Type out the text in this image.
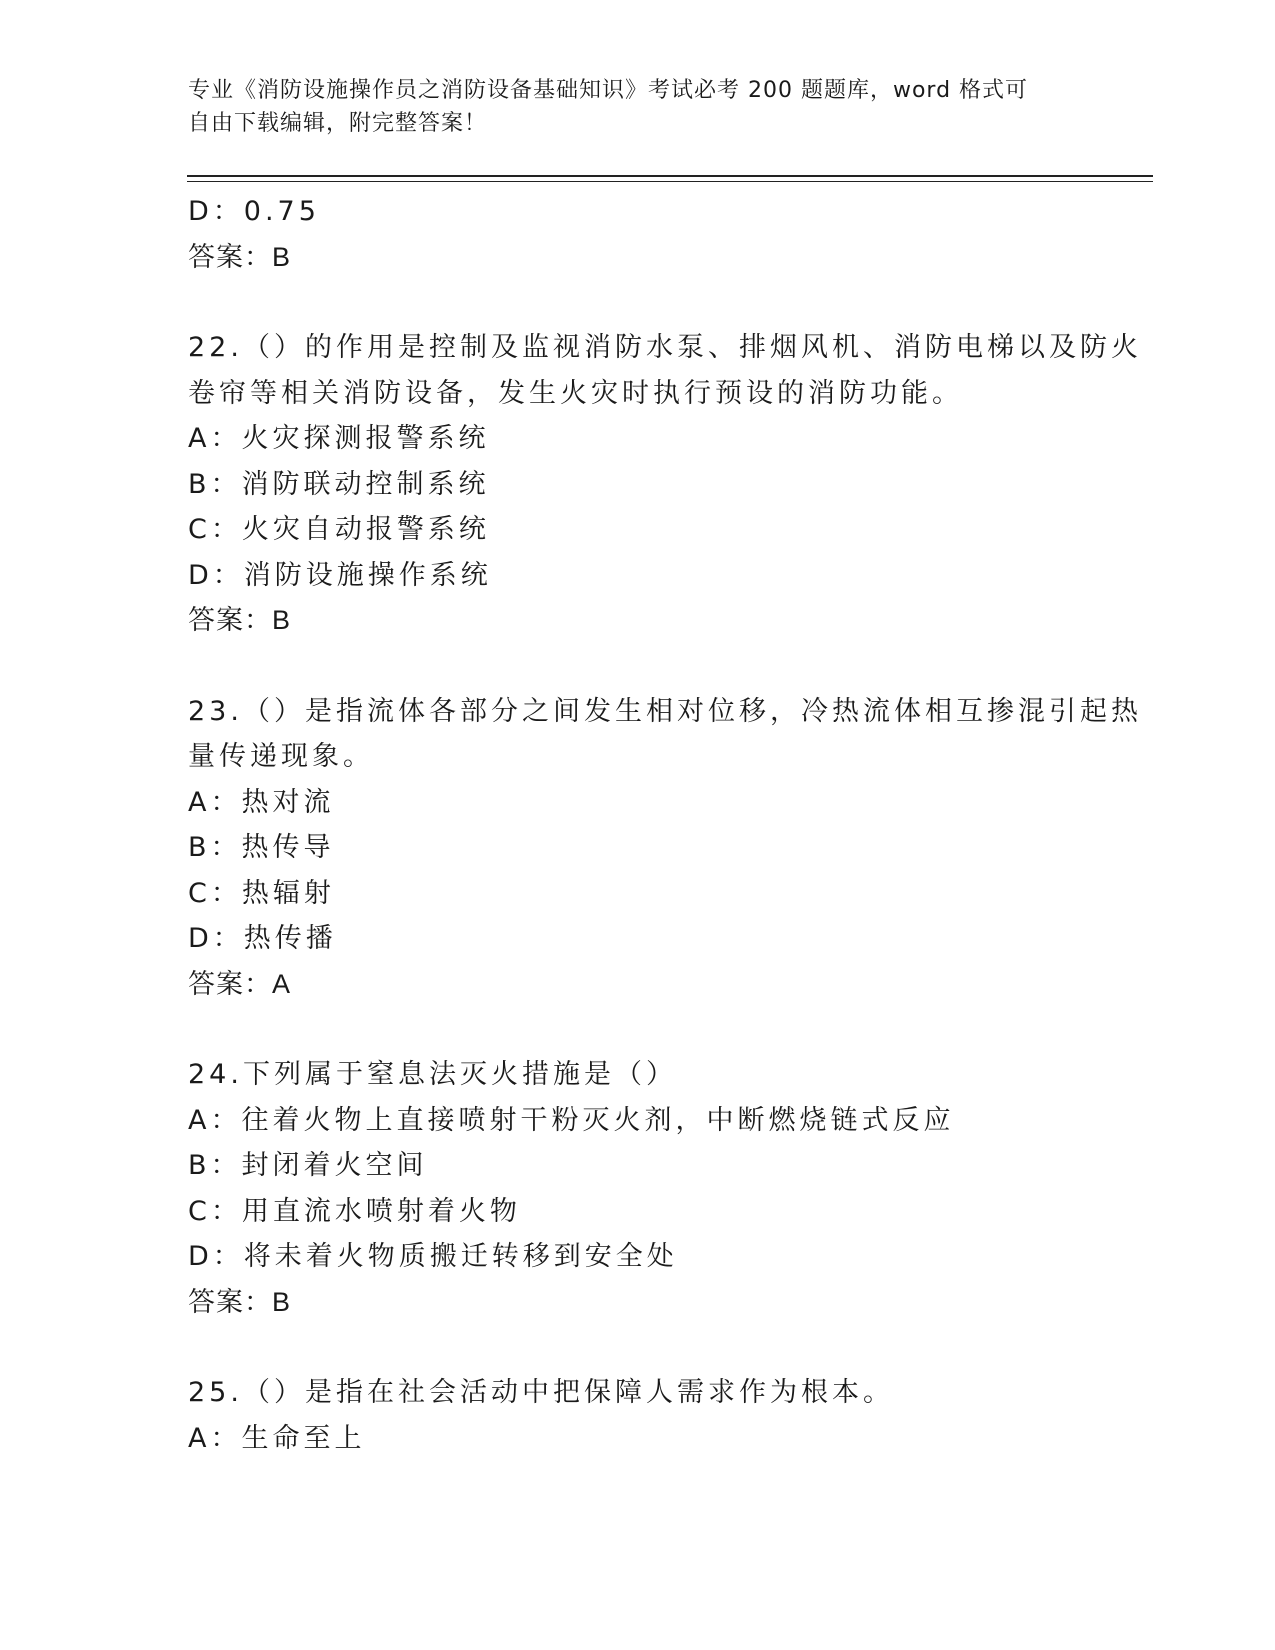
专业《消防设施操作员之消防设备基础知识》考试必考 200 题题库，word 格式可
自由下载编辑，附完整答案！
D：0.75
答案：B
22.（）的作用是控制及监视消防水泵、排烟风机、消防电梯以及防火
卷帘等相关消防设备，发生火灾时执行预设的消防功能。
A：火灾探测报警系统
B：消防联动控制系统
C：火灾自动报警系统
D：消防设施操作系统
答案：B
23.（）是指流体各部分之间发生相对位移，冷热流体相互掺混引起热
量传递现象。
A：热对流
B：热传导
C：热辐射
D：热传播
答案：A
24.下列属于窒息法灭火措施是（）
A：往着火物上直接喷射干粉灭火剂，中断燃烧链式反应
B：封闭着火空间
C：用直流水喷射着火物
D：将未着火物质搬迁转移到安全处
答案：B
25.（）是指在社会活动中把保障人需求作为根本。
A：生命至上
